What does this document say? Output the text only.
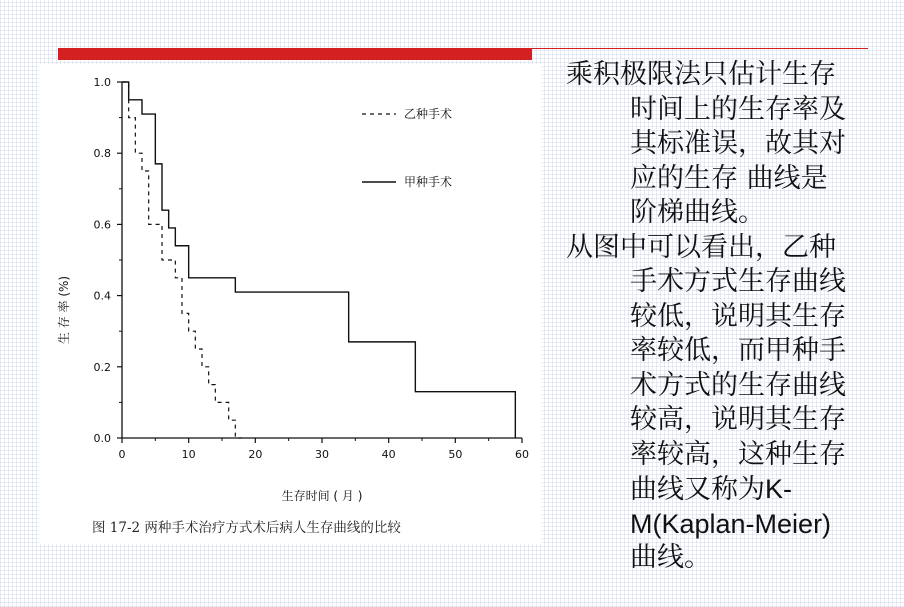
0	10	20	30	40	50	60
0.0
0.2
0.4
0.6
0.8
1.0
乙种手术
甲种手术
生 存 率 (%)
生存时间 ( 月 )
图 17-2 两种手术治疗方式术后病人生存曲线的比较

乘积极限法只估计生存
时间上的生存率及
其标准误，故其对
应的生存 曲线是
阶梯曲线。

从图中可以看出，乙种
手术方式生存曲线
较低，说明其生存
率较低，而甲种手
术方式的生存曲线
较高，说明其生存
率较高，这种生存
曲线又称为K-
M(Kaplan-Meier)
曲线。
